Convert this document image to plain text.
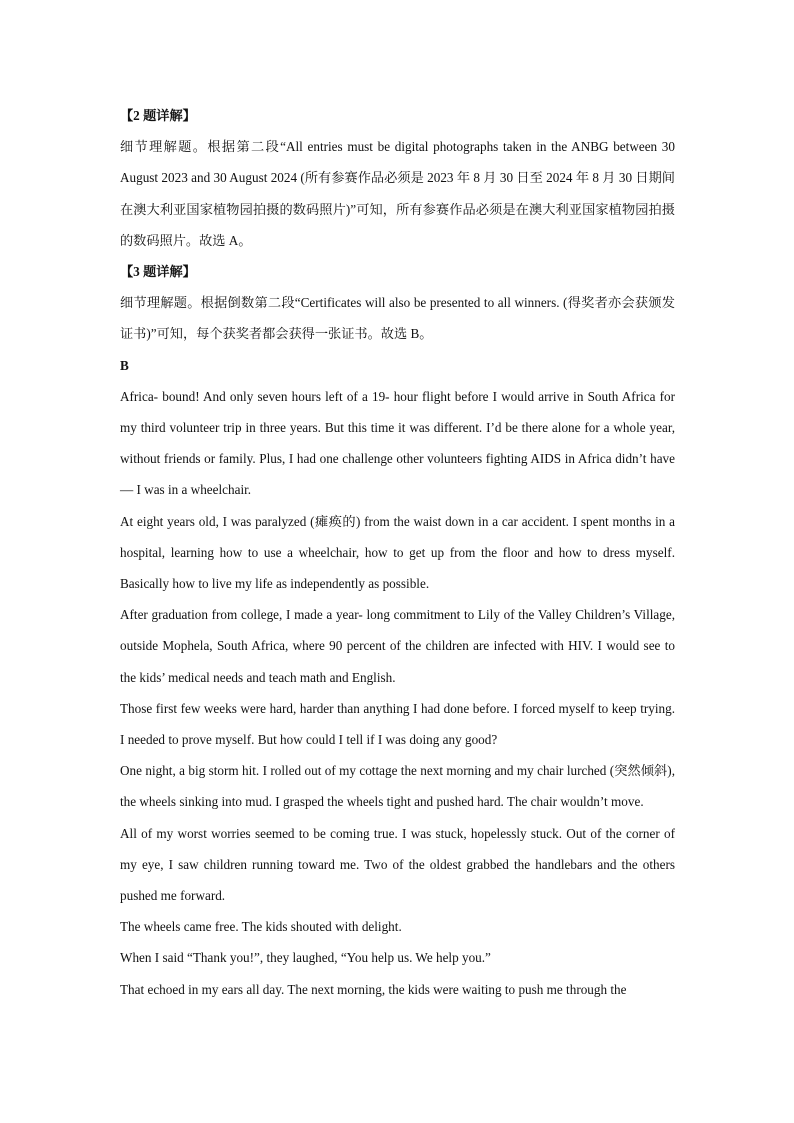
【2 题详解】

细节理解题。根据第二段“All entries must be digital photographs taken in the ANBG between 30 August 2023 and 30 August 2024 (所有参赛作品必须是 2023 年 8 月 30 日至 2024 年 8 月 30 日期间在澳大利亚国家植物园拍摄的数码照片)”可知，所有参赛作品必须是在澳大利亚国家植物园拍摄的数码照片。故选 A。

【3 题详解】

细节理解题。根据倒数第二段“Certificates will also be presented to all winners. (得奖者亦会获颁发证书)”可知，每个获奖者都会获得一张证书。故选 B。

B

Africa- bound! And only seven hours left of a 19- hour flight before I would arrive in South Africa for my third volunteer trip in three years. But this time it was different. I’d be there alone for a whole year, without friends or family. Plus, I had one challenge other volunteers fighting AIDS in Africa didn’t have — I was in a wheelchair.

At eight years old, I was paralyzed (瘫痪的) from the waist down in a car accident. I spent months in a hospital, learning how to use a wheelchair, how to get up from the floor and how to dress myself. Basically how to live my life as independently as possible.

After graduation from college, I made a year- long commitment to Lily of the Valley Children’s Village, outside Mophela, South Africa, where 90 percent of the children are infected with HIV. I would see to the kids’ medical needs and teach math and English.

Those first few weeks were hard, harder than anything I had done before. I forced myself to keep trying. I needed to prove myself. But how could I tell if I was doing any good?

One night, a big storm hit. I rolled out of my cottage the next morning and my chair lurched (突然倾斜), the wheels sinking into mud. I grasped the wheels tight and pushed hard. The chair wouldn’t move.

All of my worst worries seemed to be coming true. I was stuck, hopelessly stuck. Out of the corner of my eye, I saw children running toward me. Two of the oldest grabbed the handlebars and the others pushed me forward.

The wheels came free. The kids shouted with delight.

When I said “Thank you!”, they laughed, “You help us. We help you.”

That echoed in my ears all day. The next morning, the kids were waiting to push me through the
